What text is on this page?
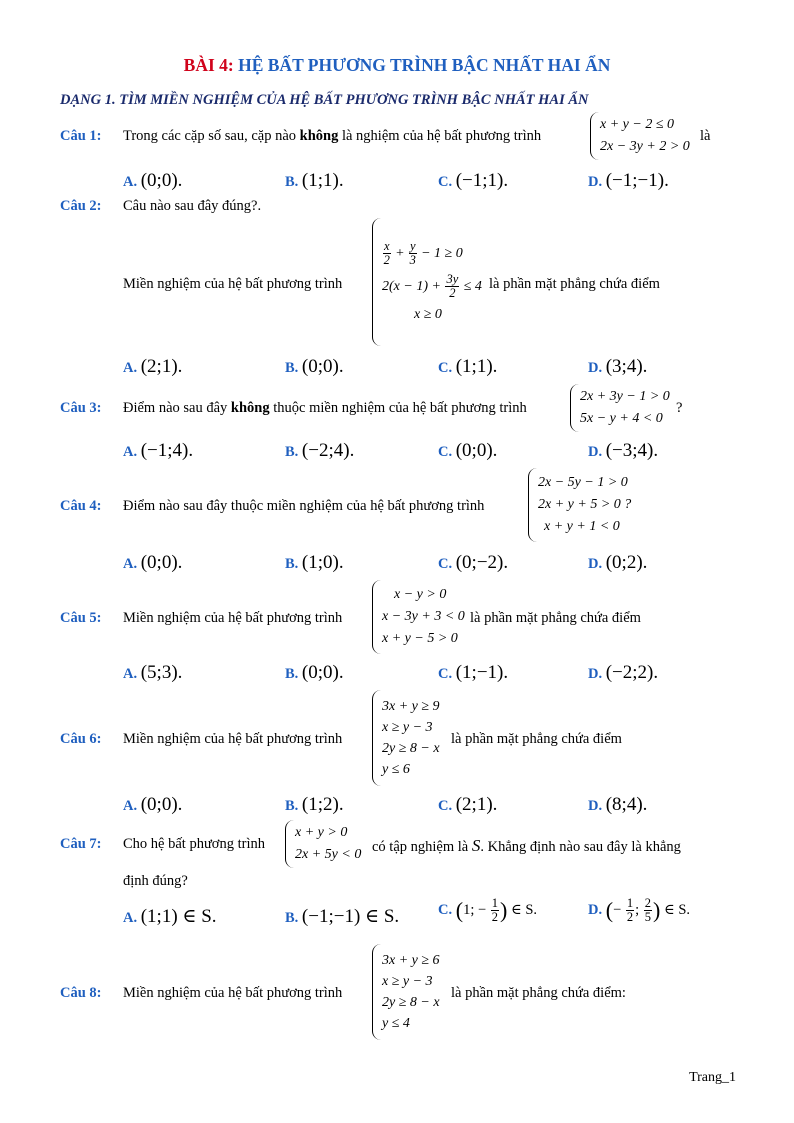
BÀI 4: HỆ BẤT PHƯƠNG TRÌNH BẬC NHẤT HAI ẨN
DẠNG 1. TÌM MIỀN NGHIỆM CỦA HỆ BẤT PHƯƠNG TRÌNH BẬC NHẤT HAI ẨN
Câu 1: Trong các cặp số sau, cặp nào không là nghiệm của hệ bất phương trình
x + y − 2 ≤ 0
2x − 3y + 2 > 0
là
A. (0;0).	B. (1;1).	C. (−1;1).	D. (−1;−1).
Câu 2: Câu nào sau đây đúng?.
Miền nghiệm của hệ bất phương trình
$\frac{x}{2} + \frac{y}{3} - 1 \ge 0$
$2(x - 1) + \frac{3y}{2} \le 4$
x ≥ 0
là phần mặt phẳng chứa điểm
A. (2;1).	B. (0;0).	C. (1;1).	D. (3;4).
Câu 3: Điểm nào sau đây không thuộc miền nghiệm của hệ bất phương trình
2x + 3y − 1 > 0
5x − y + 4 < 0
?
A. (−1;4).	B. (−2;4).	C. (0;0).	D. (−3;4).
Câu 4: Điểm nào sau đây thuộc miền nghiệm của hệ bất phương trình
2x − 5y − 1 > 0
2x + y + 5 > 0 ?
x + y + 1 < 0
A. (0;0).	B. (1;0).	C. (0;−2).	D. (0;2).
Câu 5: Miền nghiệm của hệ bất phương trình
x − y > 0
x − 3y + 3 < 0
x + y − 5 > 0
là phần mặt phẳng chứa điểm
A. (5;3).	B. (0;0).	C. (1;−1).	D. (−2;2).
Câu 6: Miền nghiệm của hệ bất phương trình
3x + y ≥ 9
x ≥ y − 3
2y ≥ 8 − x
y ≤ 6
là phần mặt phẳng chứa điểm
A. (0;0).	B. (1;2).	C. (2;1).	D. (8;4).
Câu 7: Cho hệ bất phương trình
x + y > 0
2x + 5y < 0 có tập nghiệm là S. Khẳng định nào sau đây là khẳng
định đúng?
A. (1;1) ∈ S.	B. (−1;−1) ∈ S.	C. (1; − $\frac{1}{2}$ ) ∈ S.	D. (− $\frac{1}{2}$ ; $\frac{2}{5}$ ) ∈ S.
Câu 8: Miền nghiệm của hệ bất phương trình
3x + y ≥ 6
x ≥ y − 3
2y ≥ 8 − x
y ≤ 4
là phần mặt phẳng chứa điểm:
Trang_1
